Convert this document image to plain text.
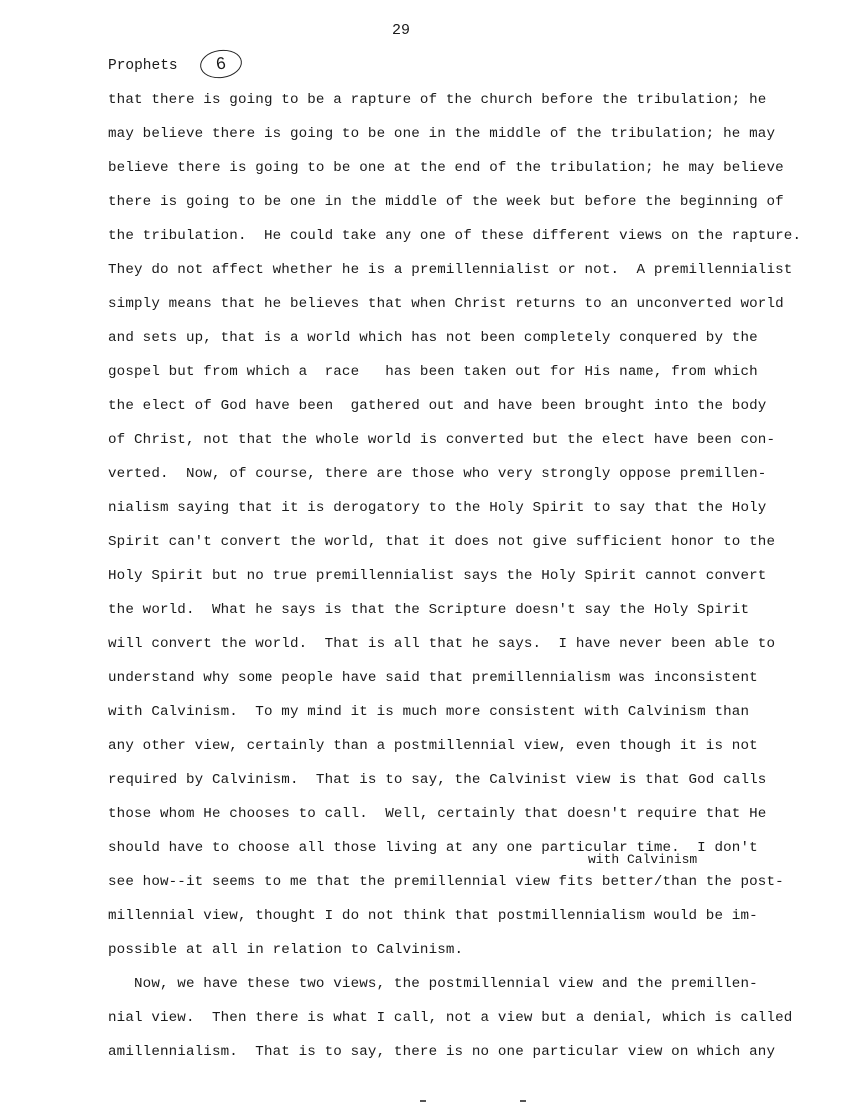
29
Prophets	6
that there is going to be a rapture of the church before the tribulation; he
may believe there is going to be one in the middle of the tribulation; he may
believe there is going to be one at the end of the tribulation; he may believe
there is going to be one in the middle of the week but before the beginning of
the tribulation.  He could take any one of these different views on the rapture.
They do not affect whether he is a premillennialist or not.  A premillennialist
simply means that he believes that when Christ returns to an unconverted world
and sets up, that is a world which has not been completely conquered by the
gospel but from which a  race   has been taken out for His name, from which
the elect of God have been  gathered out and have been brought into the body
of Christ, not that the whole world is converted but the elect have been con-
verted.  Now, of course, there are those who very strongly oppose premillen-
nialism saying that it is derogatory to the Holy Spirit to say that the Holy
Spirit can't convert the world, that it does not give sufficient honor to the
Holy Spirit but no true premillennialist says the Holy Spirit cannot convert
the world.  What he says is that the Scripture doesn't say the Holy Spirit
will convert the world.  That is all that he says.  I have never been able to
understand why some people have said that premillennialism was inconsistent
with Calvinism.  To my mind it is much more consistent with Calvinism than
any other view, certainly than a postmillennial view, even though it is not
required by Calvinism.  That is to say, the Calvinist view is that God calls
those whom He chooses to call.  Well, certainly that doesn't require that He
should have to choose all those living at any one particular time.  I don't
see how--it seems to me that the premillennial view fits better/than the post-
millennial view, thought I do not think that postmillennialism would be im-
possible at all in relation to Calvinism.
Now, we have these two views, the postmillennial view and the premillen-
nial view.  Then there is what I call, not a view but a denial, which is called
amillennialism.  That is to say, there is no one particular view on which any
with Calvinism
